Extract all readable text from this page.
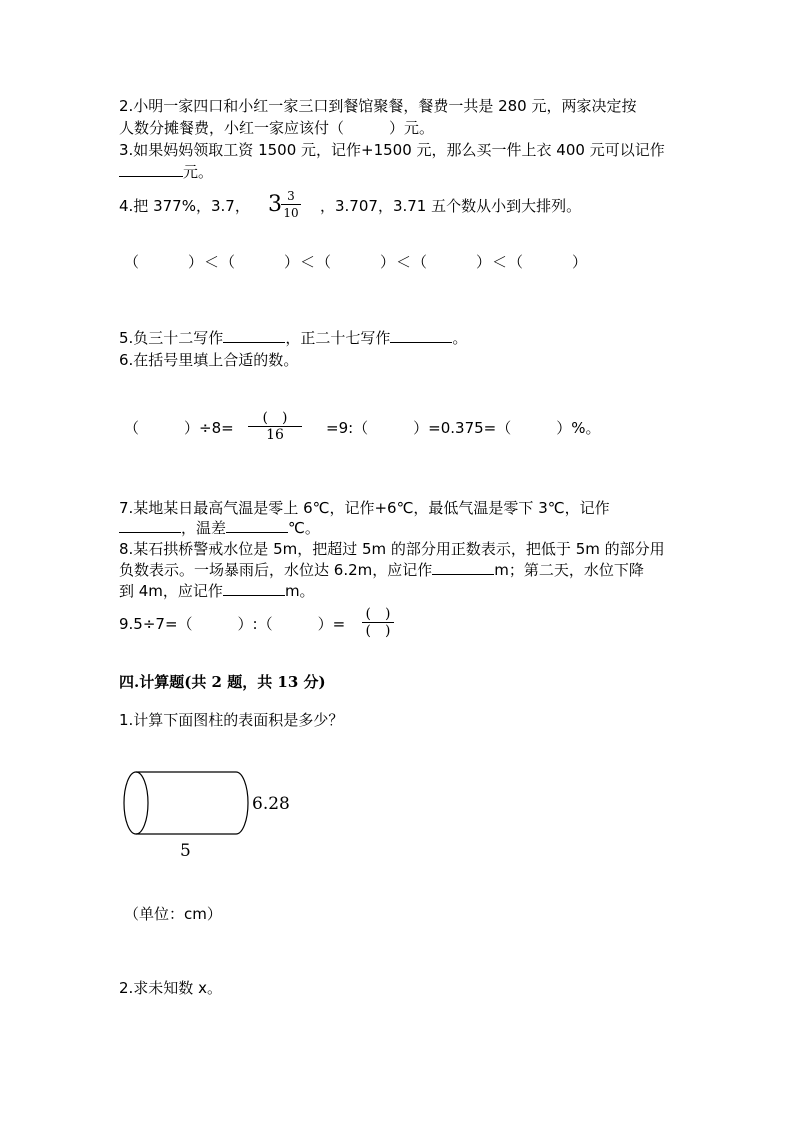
2.小明一家四口和小红一家三口到餐馆聚餐，餐费一共是 280 元，两家决定按
人数分摊餐费，小红一家应该付（　　　）元。
3.如果妈妈领取工资 1500 元，记作+1500 元，那么买一件上衣 400 元可以记作
元。
4.把 377%，3.7， 3 3
10 ，3.707，3.71 五个数从小到大排列。
（　　　）＜（　　　）＜（　　　）＜（　　　）＜（　　　）
5.负三十二写作	，正二十七写作	。
6.在括号里填上合适的数。
（　　　）÷8=
(　)
16	=9:（　　　）=0.375=（　　　）%。
7.某地某日最高气温是零上 6℃，记作+6℃，最低气温是零下 3℃，记作
，温差	℃。
8.某石拱桥警戒水位是 5m，把超过 5m 的部分用正数表示，把低于 5m 的部分用
负数表示。一场暴雨后，水位达 6.2m，应记作	m；第二天，水位下降
到 4m，应记作	m。
9.5÷7=（　　　）:（　　　）=
(　)
(　)
四.计算题(共 2 题，共 13 分)
1.计算下面图柱的表面积是多少？
6.28
5
（单位：cm）
2.求未知数 x。
